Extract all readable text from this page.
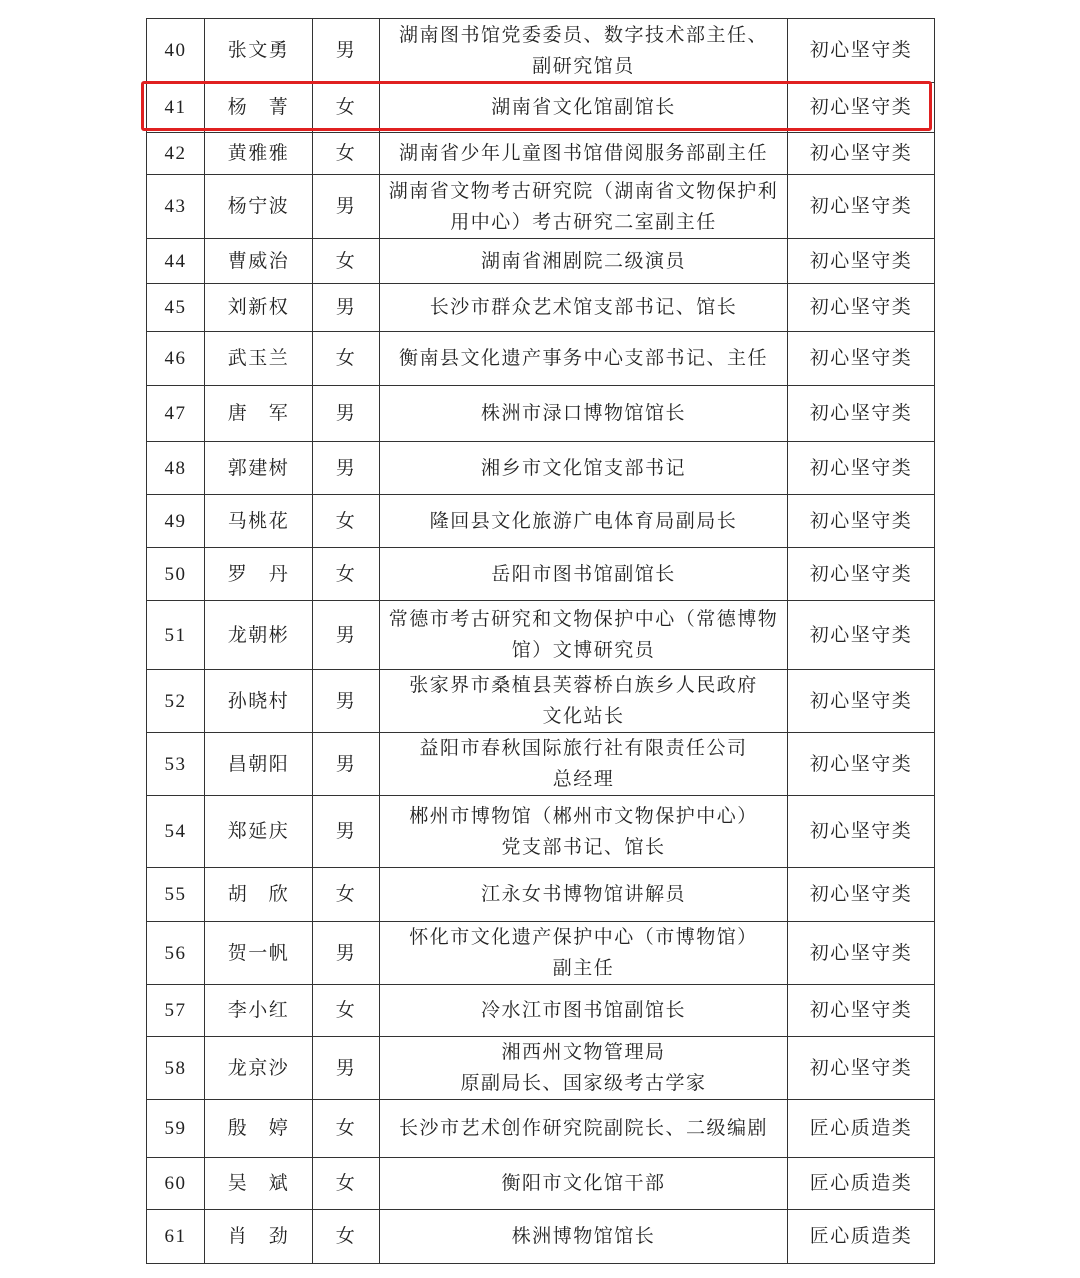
40	张文勇	男	湖南图书馆党委委员、数字技术部主任、
副研究馆员	初心坚守类
41	杨　菁	女	湖南省文化馆副馆长	初心坚守类
42	黄雅雅	女	湖南省少年儿童图书馆借阅服务部副主任	初心坚守类
43	杨宁波	男	湖南省文物考古研究院（湖南省文物保护利
用中心）考古研究二室副主任	初心坚守类
44	曹威治	女	湖南省湘剧院二级演员	初心坚守类
45	刘新权	男	长沙市群众艺术馆支部书记、馆长	初心坚守类
46	武玉兰	女	衡南县文化遗产事务中心支部书记、主任	初心坚守类
47	唐　军	男	株洲市渌口博物馆馆长	初心坚守类
48	郭建树	男	湘乡市文化馆支部书记	初心坚守类
49	马桃花	女	隆回县文化旅游广电体育局副局长	初心坚守类
50	罗　丹	女	岳阳市图书馆副馆长	初心坚守类
51	龙朝彬	男	常德市考古研究和文物保护中心（常德博物
馆）文博研究员	初心坚守类
52	孙晓村	男	张家界市桑植县芙蓉桥白族乡人民政府
文化站长	初心坚守类
53	昌朝阳	男	益阳市春秋国际旅行社有限责任公司
总经理	初心坚守类
54	郑延庆	男	郴州市博物馆（郴州市文物保护中心）
党支部书记、馆长	初心坚守类
55	胡　欣	女	江永女书博物馆讲解员	初心坚守类
56	贺一帆	男	怀化市文化遗产保护中心（市博物馆）
副主任	初心坚守类
57	李小红	女	冷水江市图书馆副馆长	初心坚守类
58	龙京沙	男	湘西州文物管理局
原副局长、国家级考古学家	初心坚守类
59	殷　婷	女	长沙市艺术创作研究院副院长、二级编剧	匠心质造类
60	吴　斌	女	衡阳市文化馆干部	匠心质造类
61	肖　劲	女	株洲博物馆馆长	匠心质造类
